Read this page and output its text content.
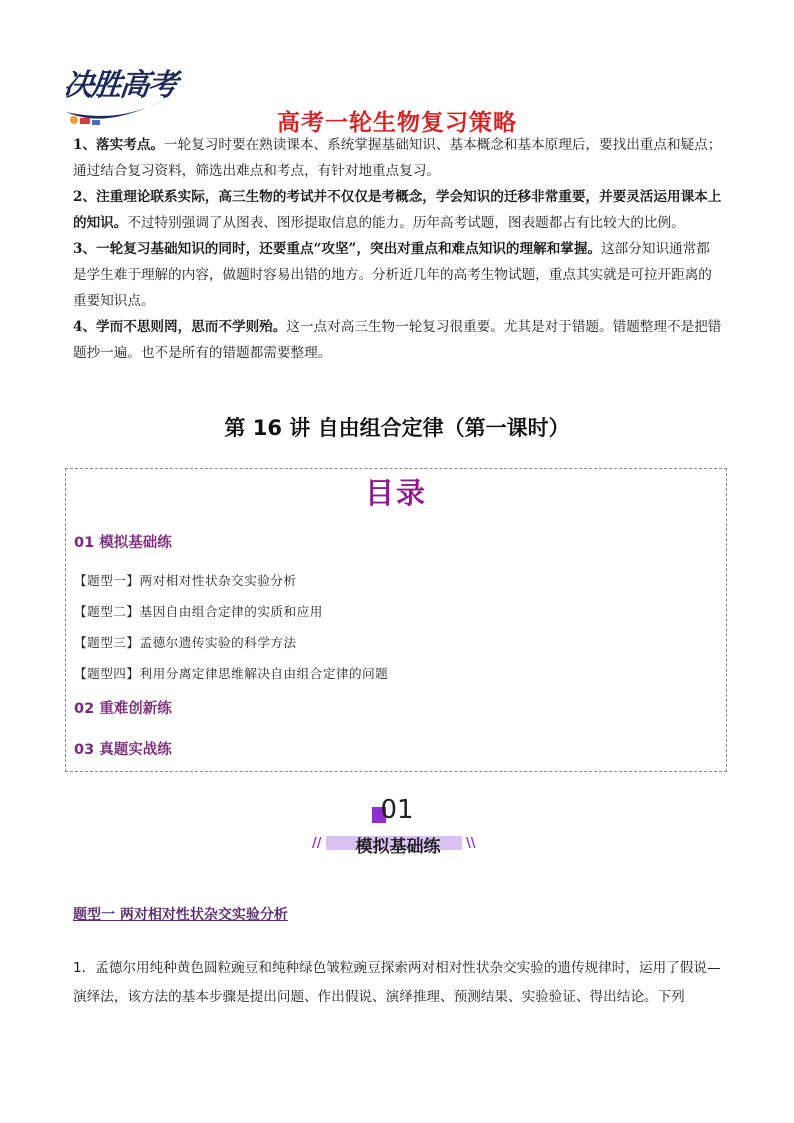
决胜高考
高考一轮生物复习策略

1、落实考点。一轮复习时要在熟读课本、系统掌握基础知识、基本概念和基本原理后，要找出重点和疑点；通过结合复习资料，筛选出难点和考点，有针对地重点复习。

2、注重理论联系实际，高三生物的考试并不仅仅是考概念，学会知识的迁移非常重要，并要灵活运用课本上的知识。不过特别强调了从图表、图形提取信息的能力。历年高考试题，图表题都占有比较大的比例。

3、一轮复习基础知识的同时，还要重点“攻坚”，突出对重点和难点知识的理解和掌握。这部分知识通常都是学生难于理解的内容，做题时容易出错的地方。分析近几年的高考生物试题，重点其实就是可拉开距离的重要知识点。

4、学而不思则罔，思而不学则殆。这一点对高三生物一轮复习很重要。尤其是对于错题。错题整理不是把错题抄一遍。也不是所有的错题都需要整理。

第 16 讲 自由组合定律（第一课时）
目录
01 模拟基础练
【题型一】两对相对性状杂交实验分析
【题型二】基因自由组合定律的实质和应用
【题型三】孟德尔遗传实验的科学方法
【题型四】利用分离定律思维解决自由组合定律的问题
02 重难创新练
03 真题实战练
01
//	模拟基础练	\\
题型一 两对相对性状杂交实验分析
1．孟德尔用纯种黄色圆粒豌豆和纯种绿色皱粒豌豆探索两对相对性状杂交实验的遗传规律时，运用了假说—演绎法，该方法的基本步骤是提出问题、作出假说、演绎推理、预测结果、实验验证、得出结论。下列
